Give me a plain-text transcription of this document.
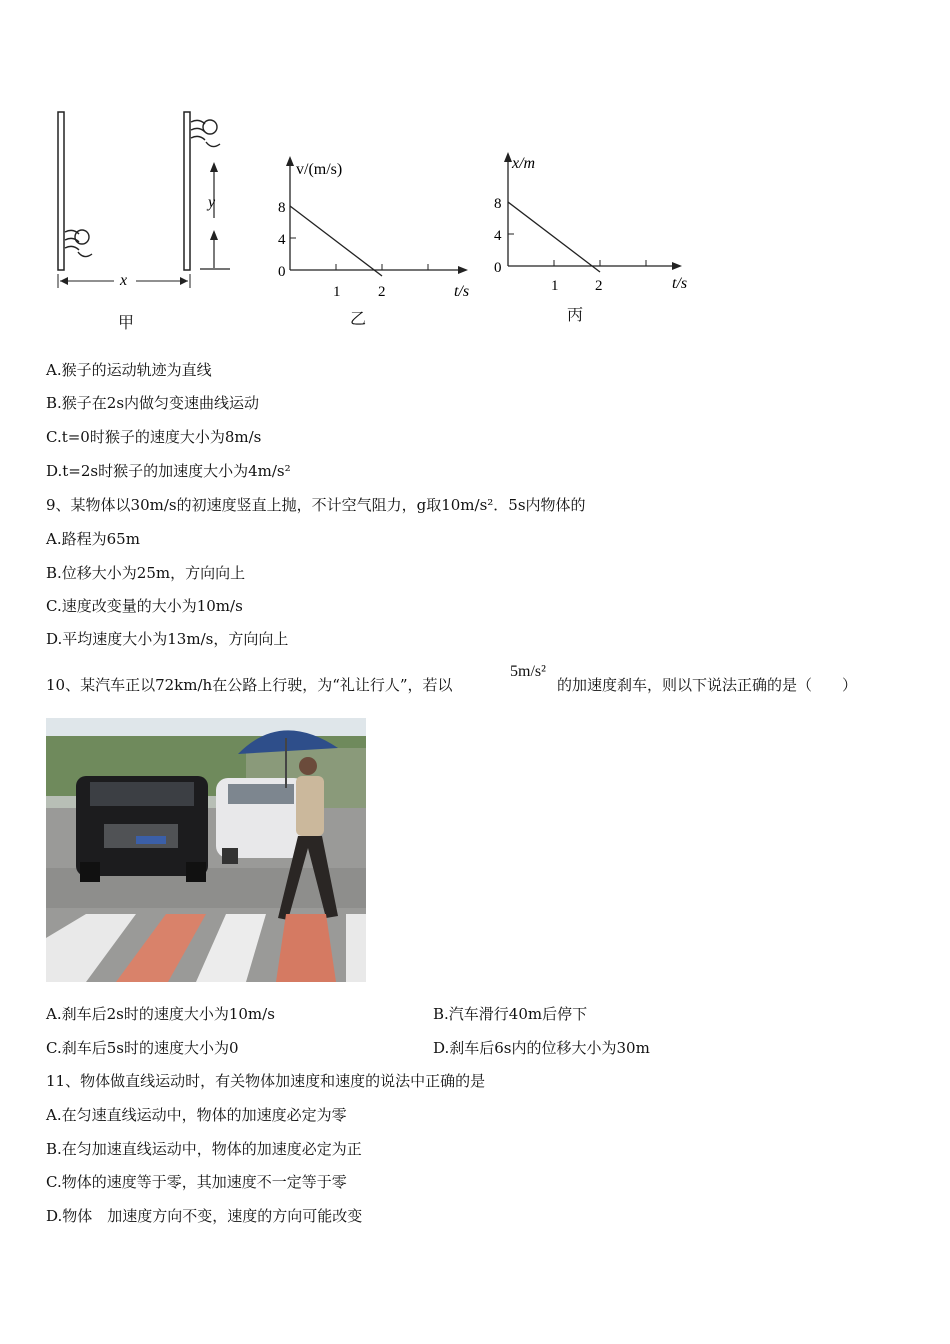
y
x
甲
v/(m/s)
8
4
0
1	2	t/s
乙
x/m
8
4
0
1 2	t/s
丙
A.猴子的运动轨迹为直线
B.猴子在2s内做匀变速曲线运动
C.t=0时猴子的速度大小为8m/s
D.t=2s时猴子的加速度大小为4m/s²
9、某物体以30m/s的初速度竖直上抛，不计空气阻力，g取10m/s²．5s内物体的
A.路程为65m
B.位移大小为25m，方向向上
C.速度改变量的大小为10m/s
D.平均速度大小为13m/s，方向向上
10、某汽车正以72km/h在公路上行驶，为“礼让行人”，若以
5m/s²
的加速度刹车，则以下说法正确的是（　　）
A.刹车后2s时的速度大小为10m/s	B.汽车滑行40m后停下
C.刹车后5s时的速度大小为0	D.刹车后6s内的位移大小为30m
11、物体做直线运动时，有关物体加速度和速度的说法中正确的是
A.在匀速直线运动中，物体的加速度必定为零
B.在匀加速直线运动中，物体的加速度必定为正
C.物体的速度等于零，其加速度不一定等于零
D.物体　加速度方向不变，速度的方向可能改变
